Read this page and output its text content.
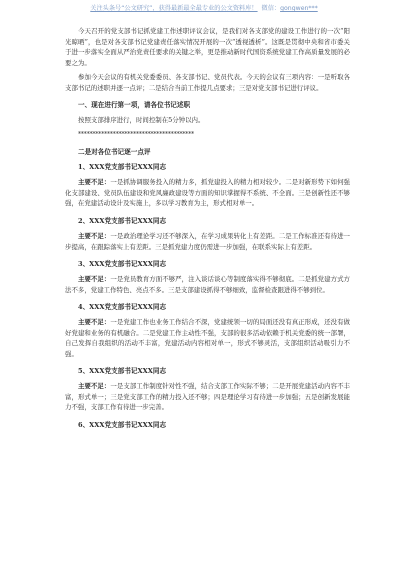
关注头条号“公文研究”，获得最新最全最专业的公文资料库！ 微信：gongwen***

今天召开的党支部书记抓党建工作述职评议会议，是我们对各支部党的建设工作进行的一次“阳光晾晒”，也是对各支部书记党建责任落实情况开展的一次“透视透析”。这既是贯彻中央和省市委关于进一步落实全面从严治党责任要求的关键之举，更是推动新时代国资系统党建工作高质量发展的必要之为。

参加今天会议的有机关党委委员、各支部书记、党员代表。今天的会议有三项内容：一是听取各支部书记的述职并逐一点评；二是结合当前工作提几点要求；三是对党支部书记进行评议。

一、现在进行第一项，请各位书记述职

按照支部排序进行，时间控制在5分钟以内。

****************************************

二是对各位书记逐一点评

1、XXX党支部书记XXX同志

主要不足：一是抓协调服务投入的精力多，抓党建投入的精力相对较少。二是对新形势下如何强化支部建设、党员队伍建设和党风廉政建设等方面的知识掌握得不系统、不全面。三是创新性还不够强，在党建活动设计及实施上，多以学习教育为主，形式相对单一。

2、XXX党支部书记XXX同志

主要不足：一是政治理论学习还不够深入，在学习成果转化上有差距。二是工作标准还有待进一步提高，在跟踪落实上有差距。三是抓党建力度仍需进一步加强，在联系实际上有差距。

3、XXX党支部书记XXX同志

主要不足：一是党员教育方面不够严，注入谈话谈心等制度落实得不够彻底。二是抓党建方式方法不多，党建工作特色、亮点不多。三是支部建设抓得不够细致，监督检查跟进得不够到位。

4、XXX党支部书记XXX同志

主要不足：一是党建工作也业务工作结合不深，党建统领一切的局面还没有真正形成，还没有做好党建和业务的有机融合。二是党建工作主动性不强，支部的很多活动依赖于机关党委的统一部署，自己发挥自我组织的活动不丰富，党建活动内容相对单一，形式不够灵活，支部组织活动吸引力不强。

5、XXX党支部书记XXX同志

主要不足：一是支部工作制度针对性不强，结合支部工作实际不够；二是开展党建活动内容不丰富，形式单一；三是党支部工作的精力投入还不够；四是理论学习有待进一步加强；五是创新发展能力不强，支部工作有待进一步完善。

6、XXX党支部书记XXX同志
